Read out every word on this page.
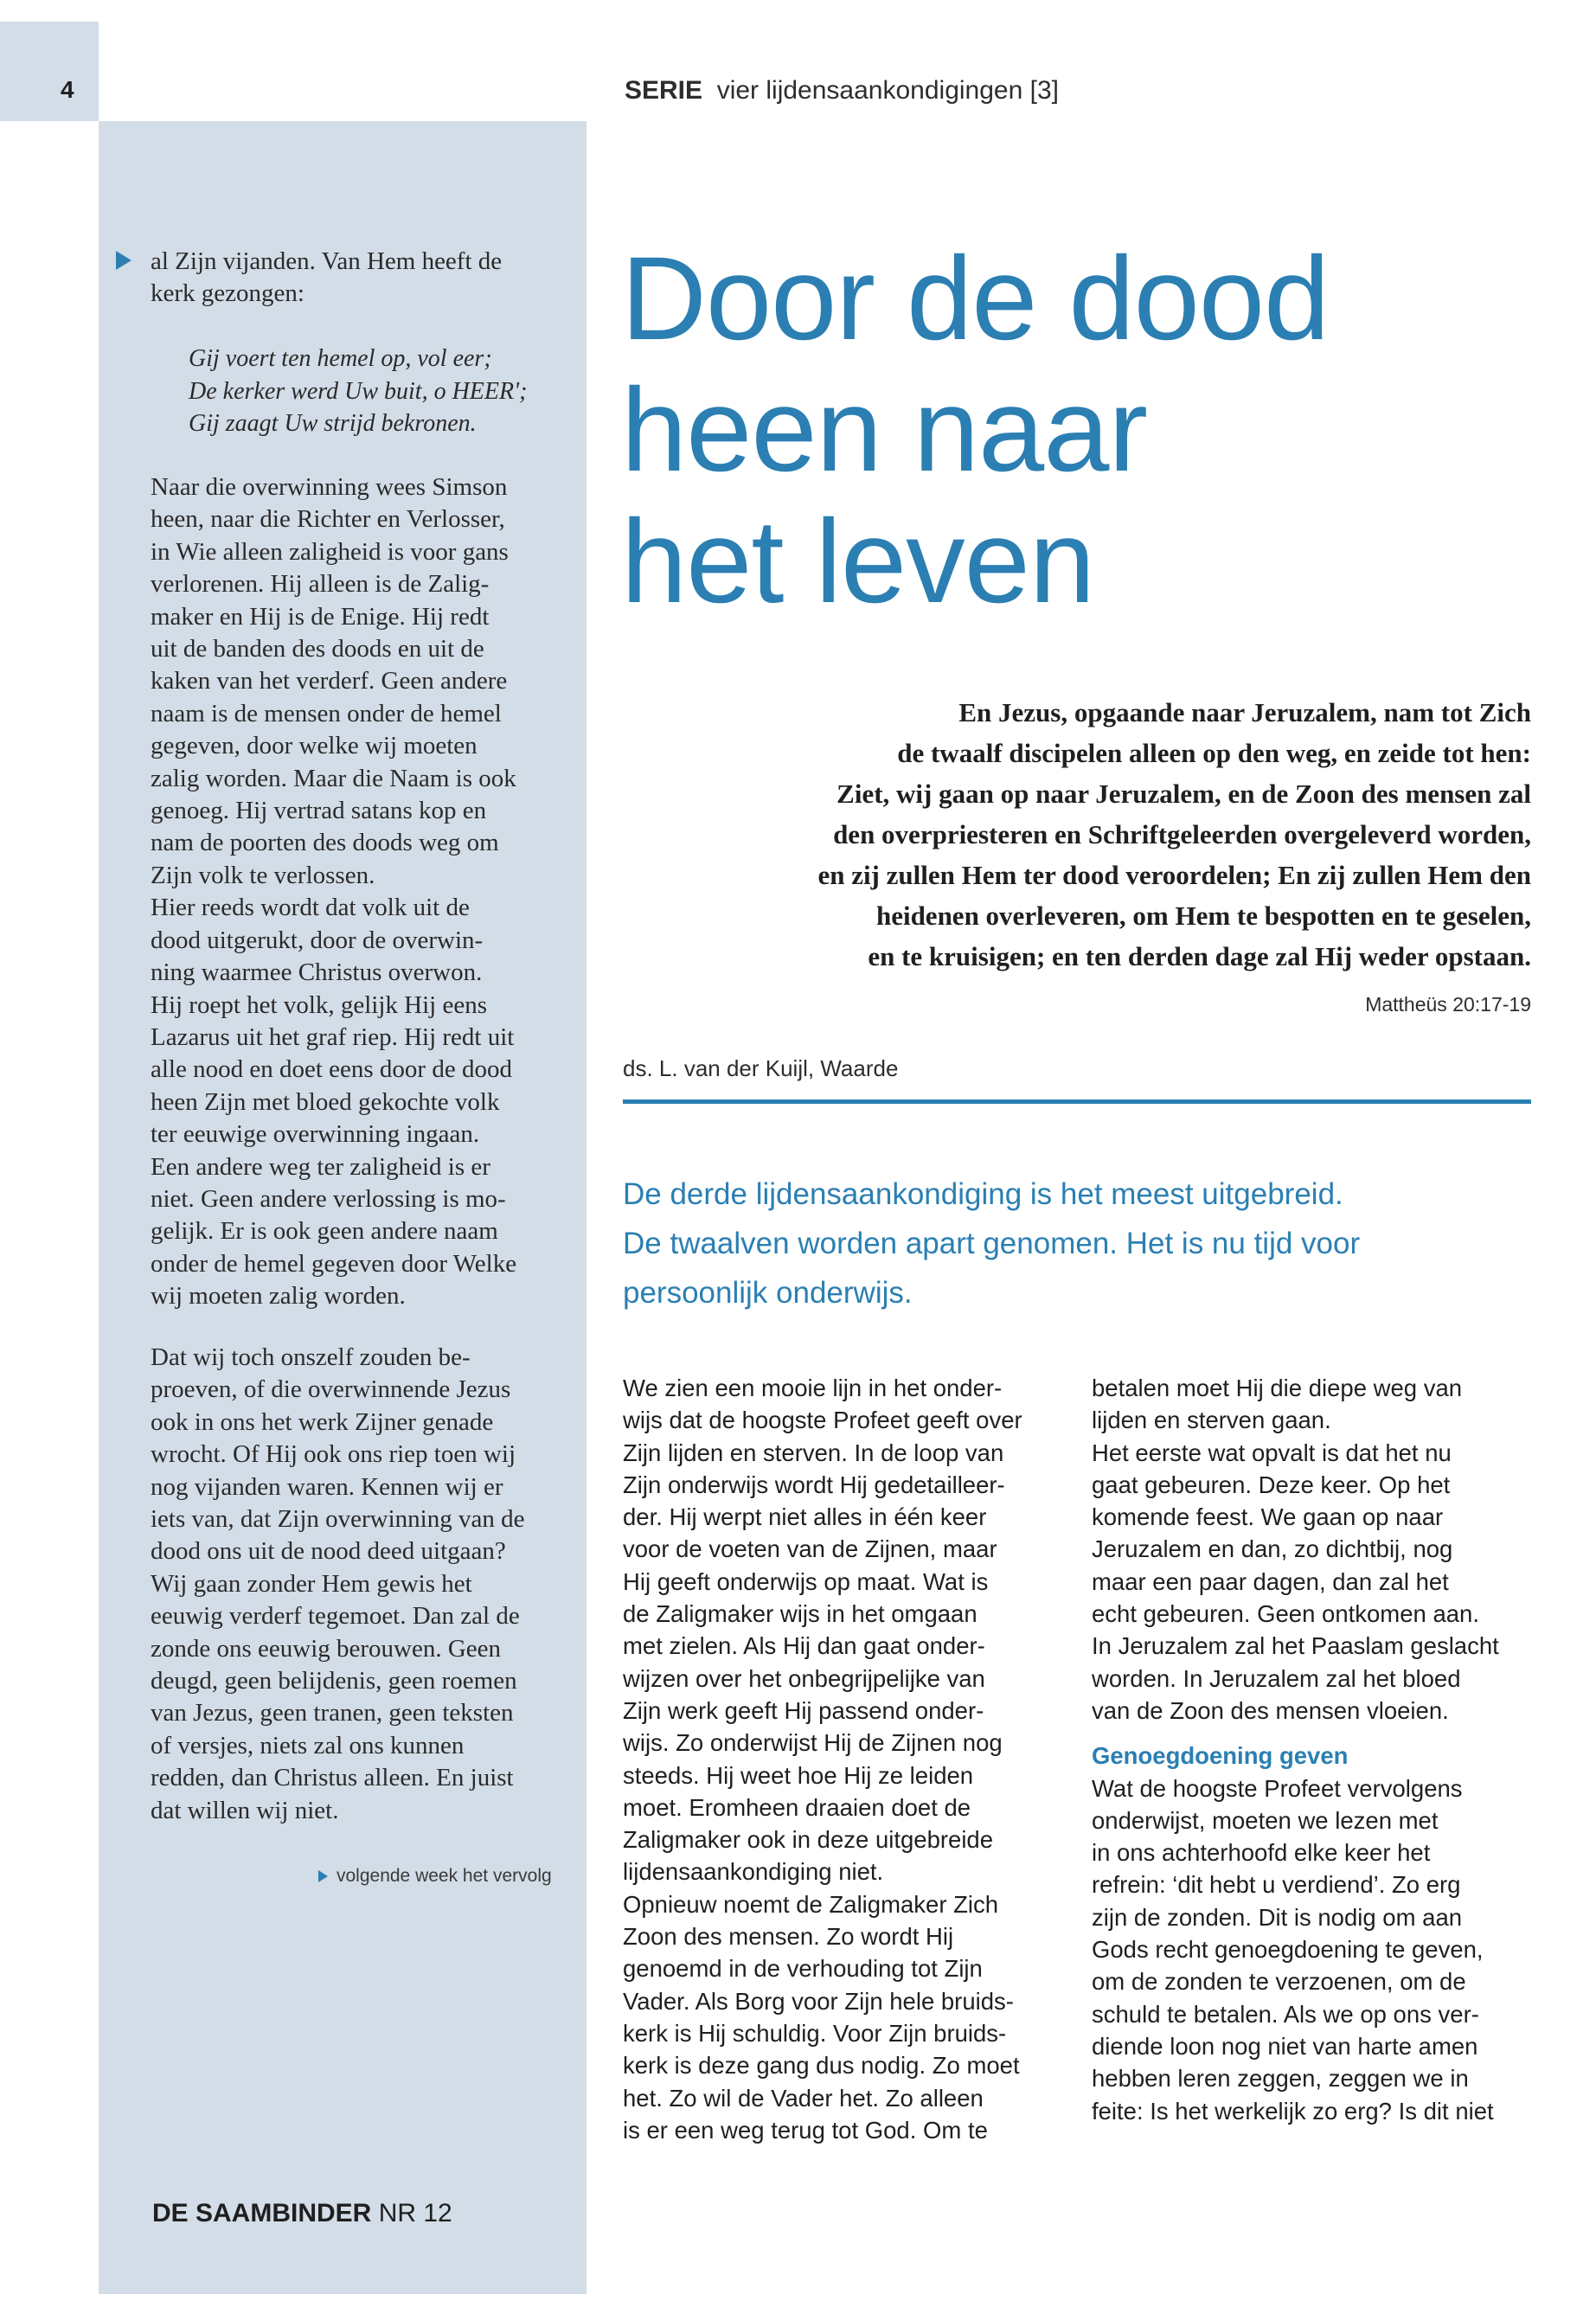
4	SERIE vier lijdensaankondigingen [3]

al Zijn vijanden. Van Hem heeft de

kerk gezongen:

Gij voert ten hemel op, vol eer;

De kerker werd Uw buit, o HEER';

Gij zaagt Uw strijd bekronen.

Naar die overwinning wees Simson

heen, naar die Richter en Verlosser,

in Wie alleen zaligheid is voor gans

verlorenen. Hij alleen is de Zalig-

maker en Hij is de Enige. Hij redt

uit de banden des doods en uit de

kaken van het verderf. Geen andere

naam is de mensen onder de hemel

gegeven, door welke wij moeten

zalig worden. Maar die Naam is ook

genoeg. Hij vertrad satans kop en

nam de poorten des doods weg om

Zijn volk te verlossen.

Hier reeds wordt dat volk uit de

dood uitgerukt, door de overwin-

ning waarmee Christus overwon.

Hij roept het volk, gelijk Hij eens

Lazarus uit het graf riep. Hij redt uit

alle nood en doet eens door de dood

heen Zijn met bloed gekochte volk

ter eeuwige overwinning ingaan.

Een andere weg ter zaligheid is er

niet. Geen andere verlossing is mo-

gelijk. Er is ook geen andere naam

onder de hemel gegeven door Welke

wij moeten zalig worden.

Dat wij toch onszelf zouden be-

proeven, of die overwinnende Jezus

ook in ons het werk Zijner genade

wrocht. Of Hij ook ons riep toen wij

nog vijanden waren. Kennen wij er

iets van, dat Zijn overwinning van de

dood ons uit de nood deed uitgaan?

Wij gaan zonder Hem gewis het

eeuwig verderf tegemoet. Dan zal de

zonde ons eeuwig berouwen. Geen

deugd, geen belijdenis, geen roemen

van Jezus, geen tranen, geen teksten

of versjes, niets zal ons kunnen

redden, dan Christus alleen. En juist

dat willen wij niet.

volgende week het vervolg
DE SAAMBINDER NR 12
Door de dood
heen naar
het leven
En Jezus, opgaande naar Jeruzalem, nam tot Zich
de twaalf discipelen alleen op den weg, en zeide tot hen:
Ziet, wij gaan op naar Jeruzalem, en de Zoon des mensen zal
den overpriesteren en Schriftgeleerden overgeleverd worden,
en zij zullen Hem ter dood veroordelen; En zij zullen Hem den
heidenen overleveren, om Hem te bespotten en te geselen,
en te kruisigen; en ten derden dage zal Hij weder opstaan.
Mattheüs 20:17-19
ds. L. van der Kuijl, Waarde
De derde lijdensaankondiging is het meest uitgebreid.
De twaalven worden apart genomen. Het is nu tijd voor
persoonlijk onderwijs.
We zien een mooie lijn in het onder-
wijs dat de hoogste Profeet geeft over
Zijn lijden en sterven. In de loop van
Zijn onderwijs wordt Hij gedetailleer-
der. Hij werpt niet alles in één keer
voor de voeten van de Zijnen, maar
Hij geeft onderwijs op maat. Wat is
de Zaligmaker wijs in het omgaan
met zielen. Als Hij dan gaat onder-
wijzen over het onbegrijpelijke van
Zijn werk geeft Hij passend onder-
wijs. Zo onderwijst Hij de Zijnen nog
steeds. Hij weet hoe Hij ze leiden
moet. Eromheen draaien doet de
Zaligmaker ook in deze uitgebreide
lijdensaankondiging niet.
Opnieuw noemt de Zaligmaker Zich
Zoon des mensen. Zo wordt Hij
genoemd in de verhouding tot Zijn
Vader. Als Borg voor Zijn hele bruids-
kerk is Hij schuldig. Voor Zijn bruids-
kerk is deze gang dus nodig. Zo moet
het. Zo wil de Vader het. Zo alleen
is er een weg terug tot God. Om te
betalen moet Hij die diepe weg van
lijden en sterven gaan.
Het eerste wat opvalt is dat het nu
gaat gebeuren. Deze keer. Op het
komende feest. We gaan op naar
Jeruzalem en dan, zo dichtbij, nog
maar een paar dagen, dan zal het
echt gebeuren. Geen ontkomen aan.
In Jeruzalem zal het Paaslam geslacht
worden. In Jeruzalem zal het bloed
van de Zoon des mensen vloeien.
Genoegdoening geven
Wat de hoogste Profeet vervolgens
onderwijst, moeten we lezen met
in ons achterhoofd elke keer het
refrein: ‘dit hebt u verdiend’. Zo erg
zijn de zonden. Dit is nodig om aan
Gods recht genoegdoening te geven,
om de zonden te verzoenen, om de
schuld te betalen. Als we op ons ver-
diende loon nog niet van harte amen
hebben leren zeggen, zeggen we in
feite: Is het werkelijk zo erg? Is dit niet
